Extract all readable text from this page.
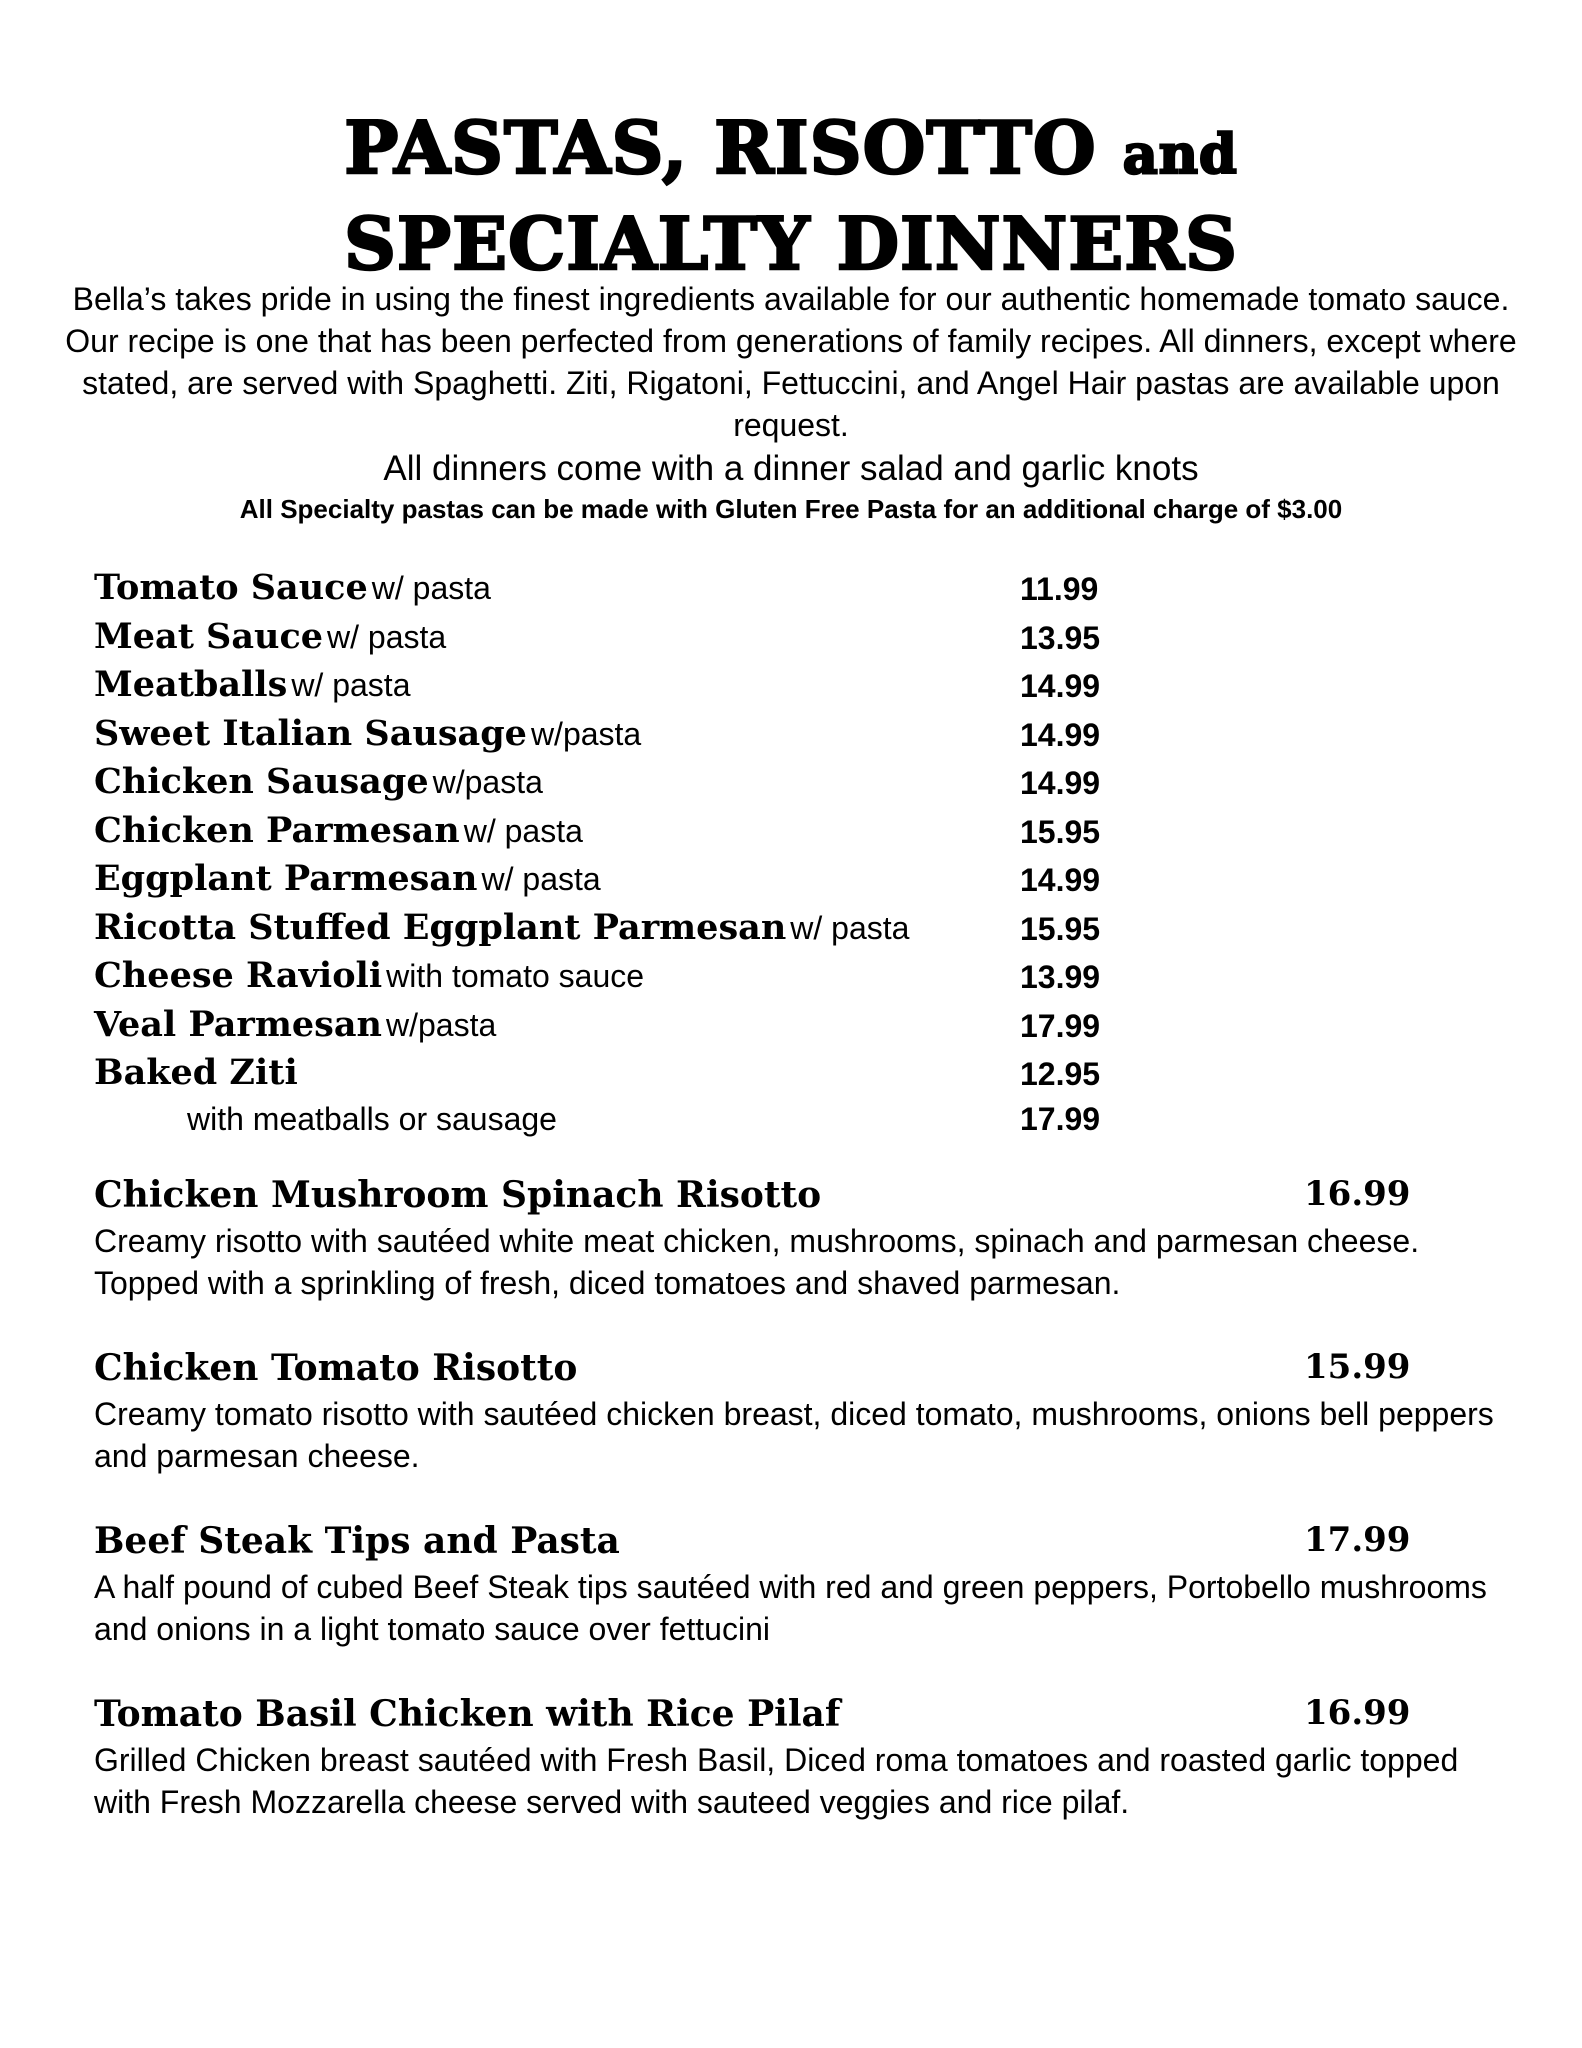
PASTAS, RISOTTO and
SPECIALTY DINNERS
Bella’s takes pride in using the finest ingredients available for our authentic homemade tomato sauce. Our recipe is one that has been perfected from generations of family recipes. All dinners, except where stated, are served with Spaghetti. Ziti, Rigatoni, Fettuccini, and Angel Hair pastas are available upon request.
All dinners come with a dinner salad and garlic knots
All Specialty pastas can be made with Gluten Free Pasta for an additional charge of $3.00
Tomato Sauce w/ pasta	11.99
Meat Sauce w/ pasta	13.95
Meatballs w/ pasta	14.99
Sweet Italian Sausage w/pasta	14.99
Chicken Sausage w/pasta	14.99
Chicken Parmesan w/ pasta	15.95
Eggplant Parmesan w/ pasta	14.99
Ricotta Stuffed Eggplant Parmesan w/ pasta	15.95
Cheese Ravioli with tomato sauce	13.99
Veal Parmesan w/pasta	17.99
Baked Ziti	12.95
with meatballs or sausage	17.99
Chicken Mushroom Spinach Risotto	16.99
Creamy risotto with sautéed white meat chicken, mushrooms, spinach and parmesan cheese. Topped with a sprinkling of fresh, diced tomatoes and shaved parmesan.
Chicken Tomato Risotto	15.99
Creamy tomato risotto with sautéed chicken breast, diced tomato, mushrooms, onions bell peppers and parmesan cheese.
Beef Steak Tips and Pasta	17.99
A half pound of cubed Beef Steak tips sautéed with red and green peppers, Portobello mushrooms and onions in a light tomato sauce over fettucini
Tomato Basil Chicken with Rice Pilaf	16.99
Grilled Chicken breast sautéed with Fresh Basil, Diced roma tomatoes and roasted garlic topped with Fresh Mozzarella cheese served with sauteed veggies and rice pilaf.
